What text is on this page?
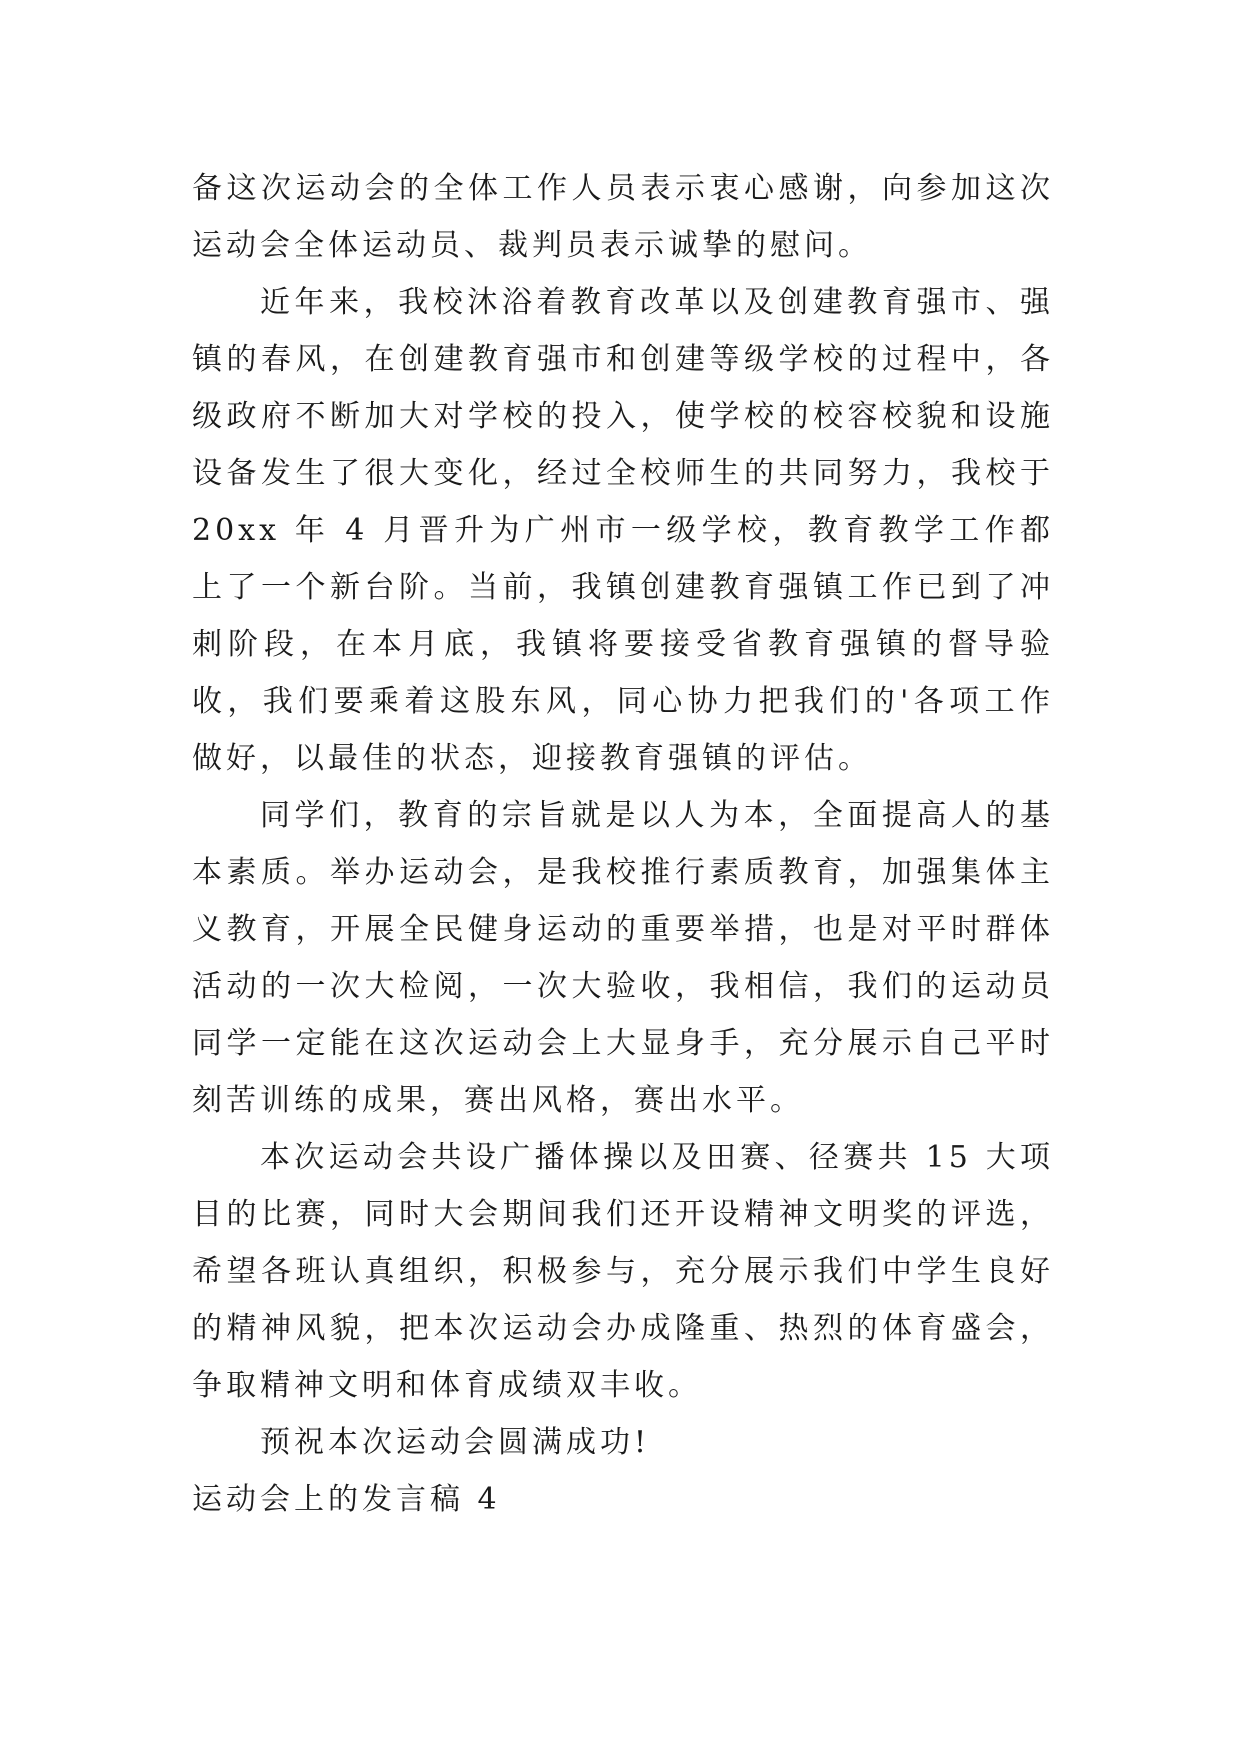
备这次运动会的全体工作人员表示衷心感谢，向参加这次运动会全体运动员、裁判员表示诚挚的慰问。

近年来，我校沐浴着教育改革以及创建教育强市、强镇的春风，在创建教育强市和创建等级学校的过程中，各级政府不断加大对学校的投入，使学校的校容校貌和设施设备发生了很大变化，经过全校师生的共同努力，我校于 20xx 年 4 月晋升为广州市一级学校，教育教学工作都上了一个新台阶。当前，我镇创建教育强镇工作已到了冲刺阶段，在本月底，我镇将要接受省教育强镇的督导验收，我们要乘着这股东风，同心协力把我们的'各项工作做好，以最佳的状态，迎接教育强镇的评估。

同学们，教育的宗旨就是以人为本，全面提高人的基本素质。举办运动会，是我校推行素质教育，加强集体主义教育，开展全民健身运动的重要举措，也是对平时群体活动的一次大检阅，一次大验收，我相信，我们的运动员同学一定能在这次运动会上大显身手，充分展示自己平时刻苦训练的成果，赛出风格，赛出水平。

本次运动会共设广播体操以及田赛、径赛共 15 大项目的比赛，同时大会期间我们还开设精神文明奖的评选，希望各班认真组织，积极参与，充分展示我们中学生良好的精神风貌，把本次运动会办成隆重、热烈的体育盛会，争取精神文明和体育成绩双丰收。

预祝本次运动会圆满成功!

运动会上的发言稿 4
